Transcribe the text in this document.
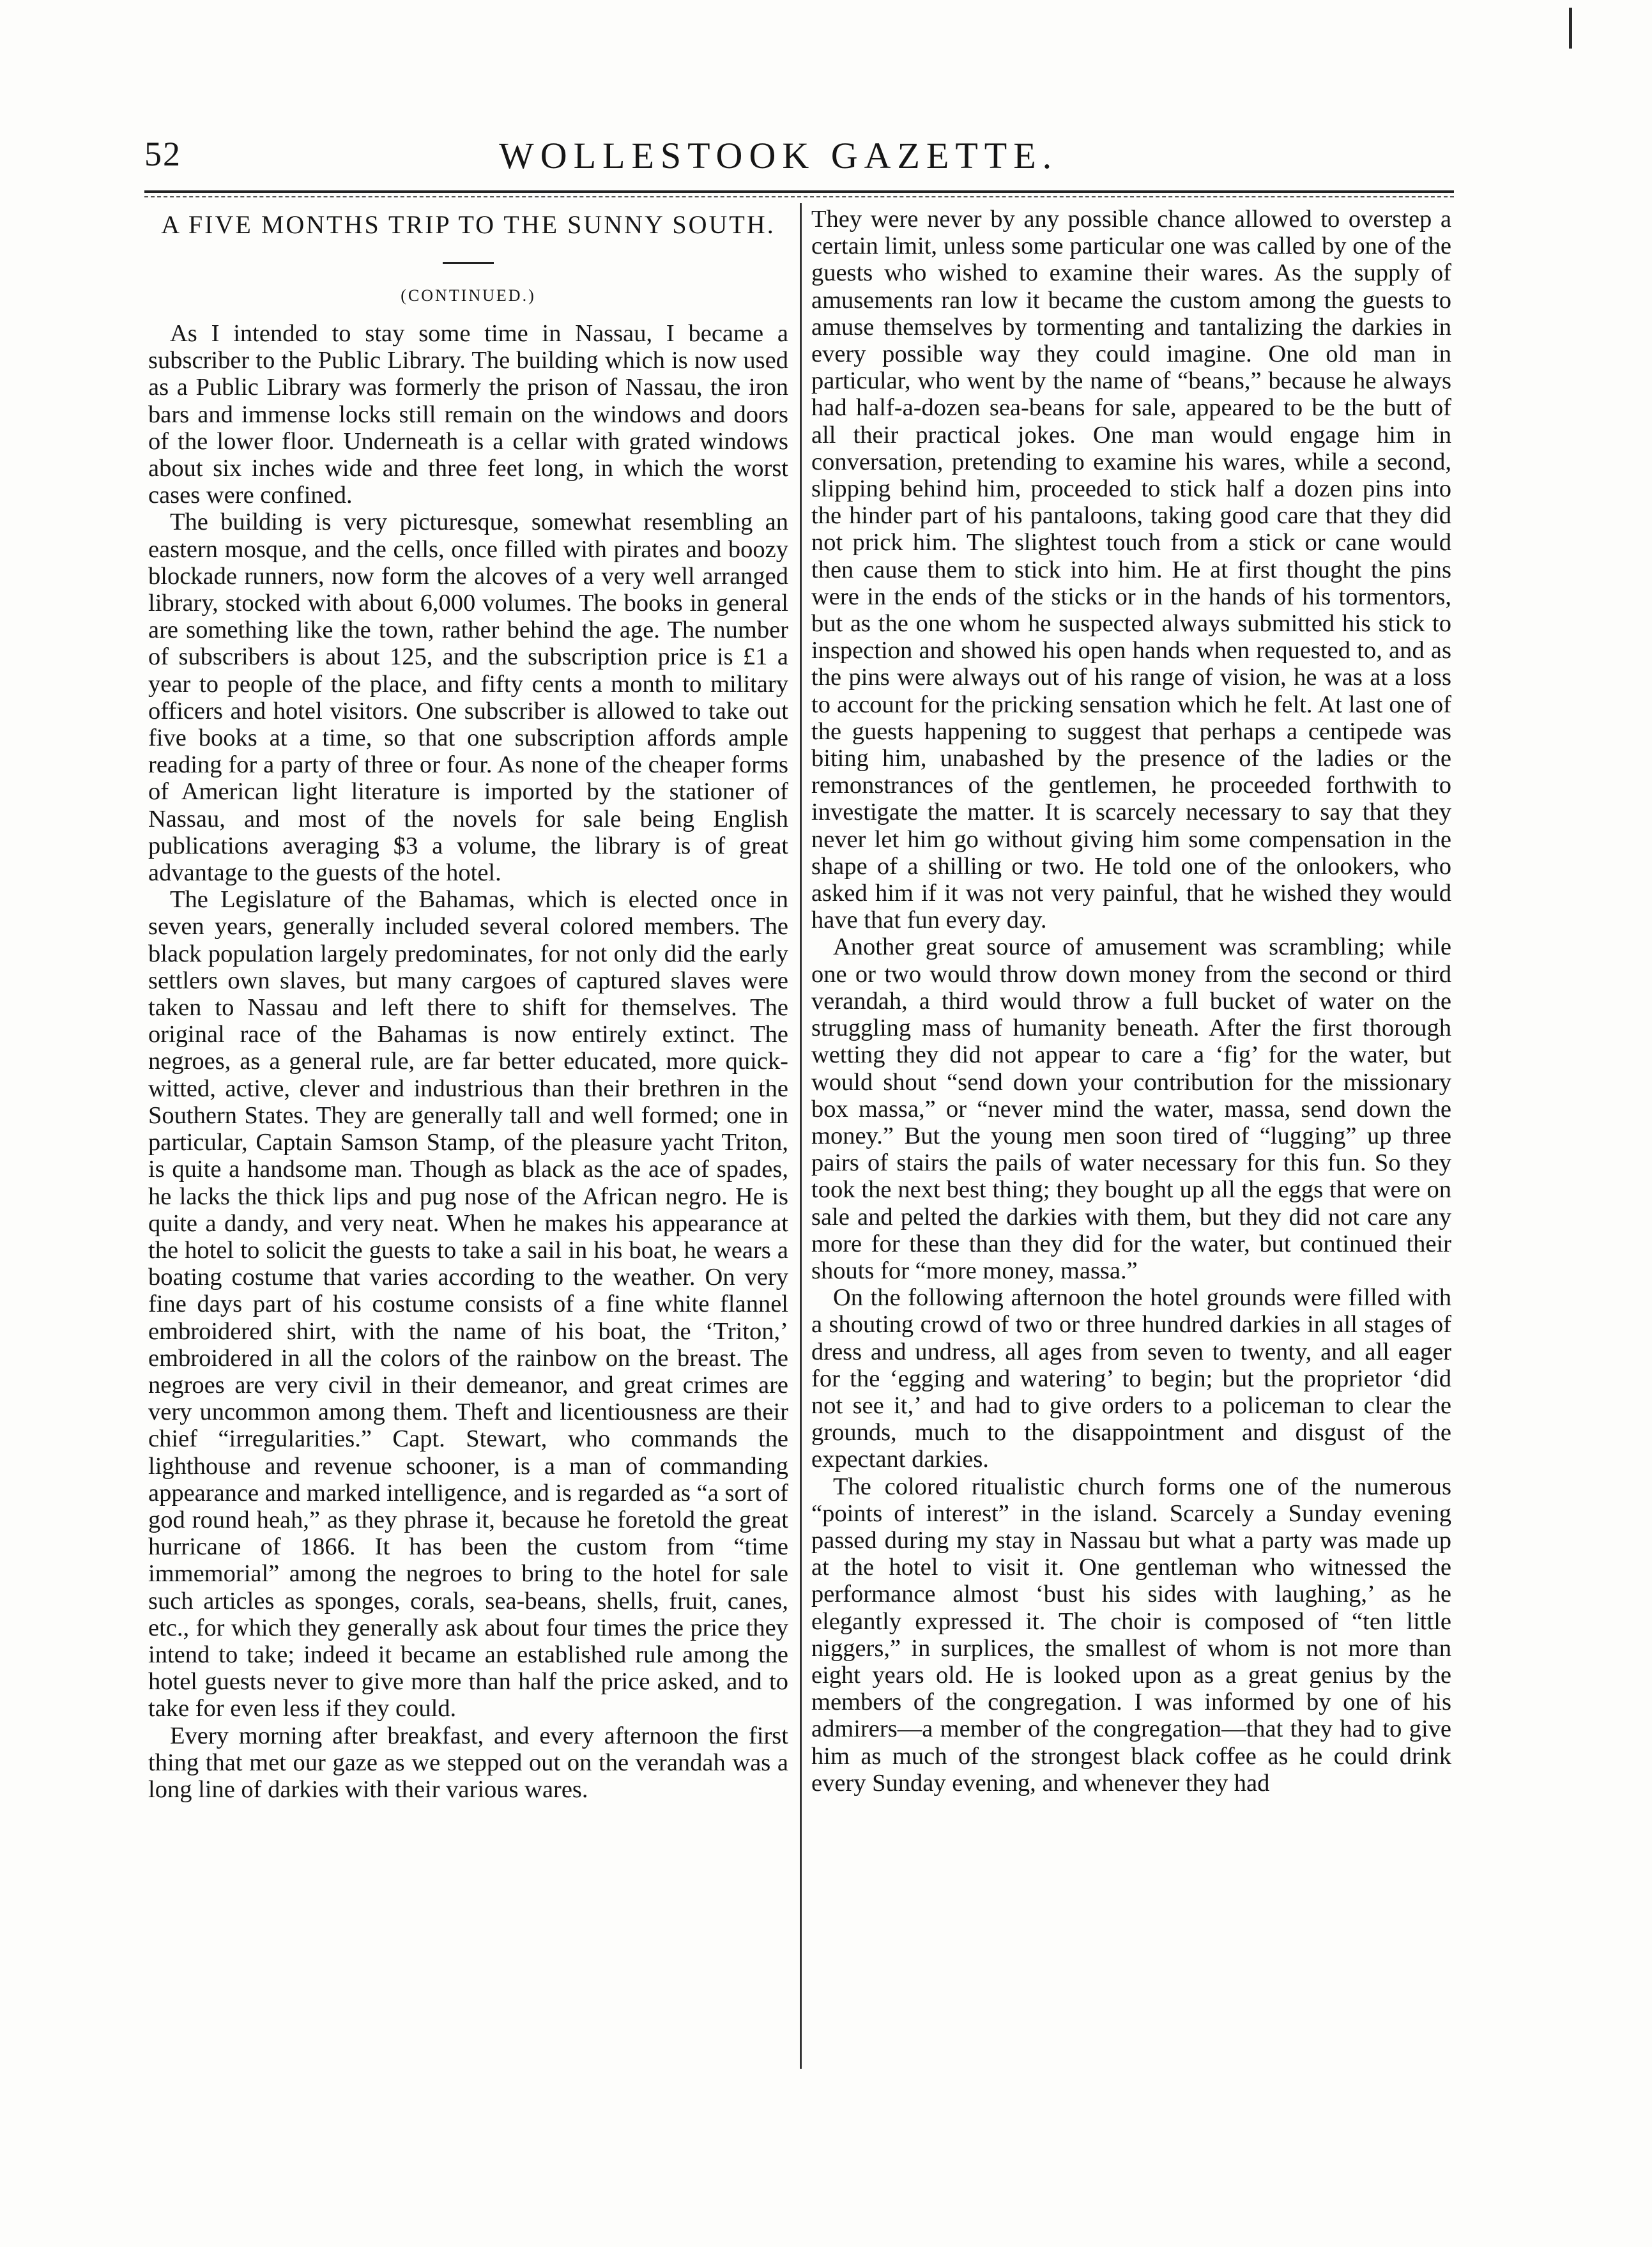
52	WOLLESTOOK GAZETTE.
A FIVE MONTHS TRIP TO THE SUNNY SOUTH.
(CONTINUED.)

As I intended to stay some time in Nassau, I became a subscriber to the Public Library. The building which is now used as a Public Library was formerly the prison of Nassau, the iron bars and immense locks still remain on the windows and doors of the lower floor. Underneath is a cellar with grated windows about six inches wide and three feet long, in which the worst cases were confined.

The building is very picturesque, somewhat resembling an eastern mosque, and the cells, once filled with pirates and boozy blockade runners, now form the alcoves of a very well arranged library, stocked with about 6,000 volumes. The books in general are something like the town, rather behind the age. The number of subscribers is about 125, and the subscription price is £1 a year to people of the place, and fifty cents a month to military officers and hotel visitors. One subscriber is allowed to take out five books at a time, so that one subscription affords ample reading for a party of three or four. As none of the cheaper forms of American light literature is imported by the stationer of Nassau, and most of the novels for sale being English publications averaging $3 a volume, the library is of great advantage to the guests of the hotel.

The Legislature of the Bahamas, which is elected once in seven years, generally included several colored members. The black population largely predominates, for not only did the early settlers own slaves, but many cargoes of captured slaves were taken to Nassau and left there to shift for themselves. The original race of the Bahamas is now entirely extinct. The negroes, as a general rule, are far better educated, more quick-witted, active, clever and industrious than their brethren in the Southern States. They are generally tall and well formed; one in particular, Captain Samson Stamp, of the pleasure yacht Triton, is quite a handsome man. Though as black as the ace of spades, he lacks the thick lips and pug nose of the African negro. He is quite a dandy, and very neat. When he makes his appearance at the hotel to solicit the guests to take a sail in his boat, he wears a boating costume that varies according to the weather. On very fine days part of his costume consists of a fine white flannel embroidered shirt, with the name of his boat, the ‘Triton,’ embroidered in all the colors of the rainbow on the breast. The negroes are very civil in their demeanor, and great crimes are very uncommon among them. Theft and licentiousness are their chief “irregularities.” Capt. Stewart, who commands the lighthouse and revenue schooner, is a man of commanding appearance and marked intelligence, and is regarded as “a sort of god round heah,” as they phrase it, because he foretold the great hurricane of 1866. It has been the custom from “time immemorial” among the negroes to bring to the hotel for sale such articles as sponges, corals, sea-beans, shells, fruit, canes, etc., for which they generally ask about four times the price they intend to take; indeed it became an established rule among the hotel guests never to give more than half the price asked, and to take for even less if they could.

Every morning after breakfast, and every afternoon the first thing that met our gaze as we stepped out on the verandah was a long line of darkies with their various wares.

They were never by any possible chance allowed to overstep a certain limit, unless some particular one was called by one of the guests who wished to examine their wares. As the supply of amusements ran low it became the custom among the guests to amuse themselves by tormenting and tantalizing the darkies in every possible way they could imagine. One old man in particular, who went by the name of “beans,” because he always had half-a-dozen sea-beans for sale, appeared to be the butt of all their practical jokes. One man would engage him in conversation, pretending to examine his wares, while a second, slipping behind him, proceeded to stick half a dozen pins into the hinder part of his pantaloons, taking good care that they did not prick him. The slightest touch from a stick or cane would then cause them to stick into him. He at first thought the pins were in the ends of the sticks or in the hands of his tormentors, but as the one whom he suspected always submitted his stick to inspection and showed his open hands when requested to, and as the pins were always out of his range of vision, he was at a loss to account for the pricking sensation which he felt. At last one of the guests happening to suggest that perhaps a centipede was biting him, unabashed by the presence of the ladies or the remonstrances of the gentlemen, he proceeded forthwith to investigate the matter. It is scarcely necessary to say that they never let him go without giving him some compensation in the shape of a shilling or two. He told one of the onlookers, who asked him if it was not very painful, that he wished they would have that fun every day.

Another great source of amusement was scrambling; while one or two would throw down money from the second or third verandah, a third would throw a full bucket of water on the struggling mass of humanity beneath. After the first thorough wetting they did not appear to care a ‘fig’ for the water, but would shout “send down your contribution for the missionary box massa,” or “never mind the water, massa, send down the money.” But the young men soon tired of “lugging” up three pairs of stairs the pails of water necessary for this fun. So they took the next best thing; they bought up all the eggs that were on sale and pelted the darkies with them, but they did not care any more for these than they did for the water, but continued their shouts for “more money, massa.”

On the following afternoon the hotel grounds were filled with a shouting crowd of two or three hundred darkies in all stages of dress and undress, all ages from seven to twenty, and all eager for the ‘egging and watering’ to begin; but the proprietor ‘did not see it,’ and had to give orders to a policeman to clear the grounds, much to the disappointment and disgust of the expectant darkies.

The colored ritualistic church forms one of the numerous “points of interest” in the island. Scarcely a Sunday evening passed during my stay in Nassau but what a party was made up at the hotel to visit it. One gentleman who witnessed the performance almost ‘bust his sides with laughing,’ as he elegantly expressed it. The choir is composed of “ten little niggers,” in surplices, the smallest of whom is not more than eight years old. He is looked upon as a great genius by the members of the congregation. I was informed by one of his admirers—a member of the congregation—that they had to give him as much of the strongest black coffee as he could drink every Sunday evening, and whenever they had
